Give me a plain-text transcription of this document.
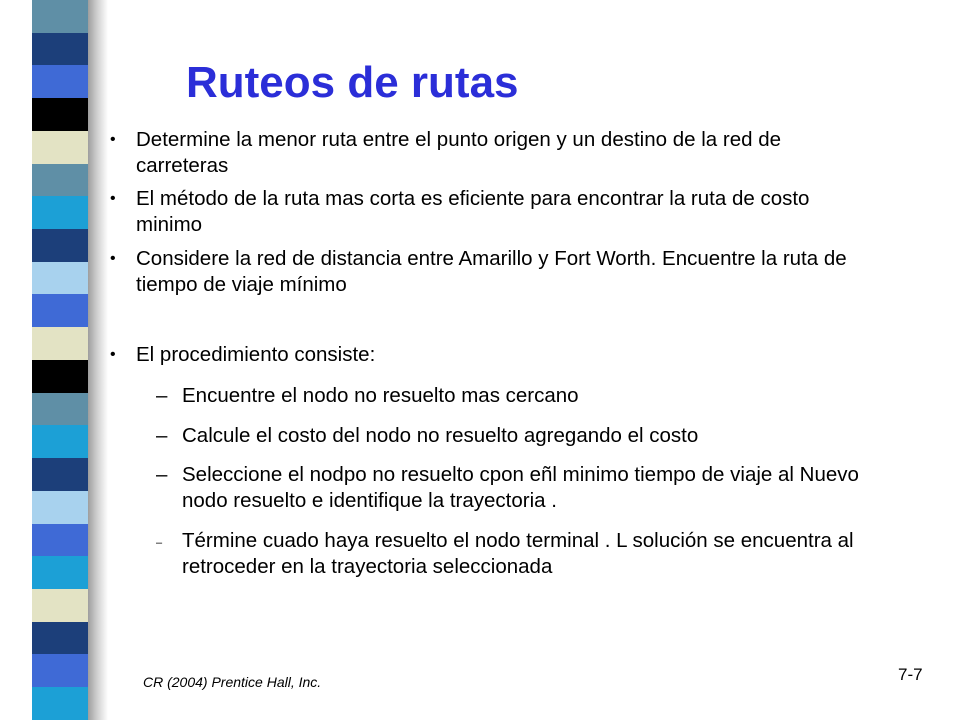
Ruteos de rutas
• Determine la menor ruta entre el punto origen y un destino de la red de carreteras
• El método de la ruta mas corta es eficiente para encontrar la ruta de costo minimo
• Considere la red de distancia entre Amarillo y Fort Worth. Encuentre la ruta de tiempo de viaje mínimo
• El procedimiento consiste:
– Encuentre el nodo no resuelto mas cercano
– Calcule el costo del nodo no resuelto agregando el costo
– Seleccione el nodpo no resuelto cpon eñl minimo tiempo de viaje al Nuevo nodo resuelto e identifique la trayectoria .
– Términe cuado haya resuelto el nodo terminal . L solución se encuentra al retroceder en la trayectoria seleccionada
CR (2004) Prentice Hall, Inc.	7-7
